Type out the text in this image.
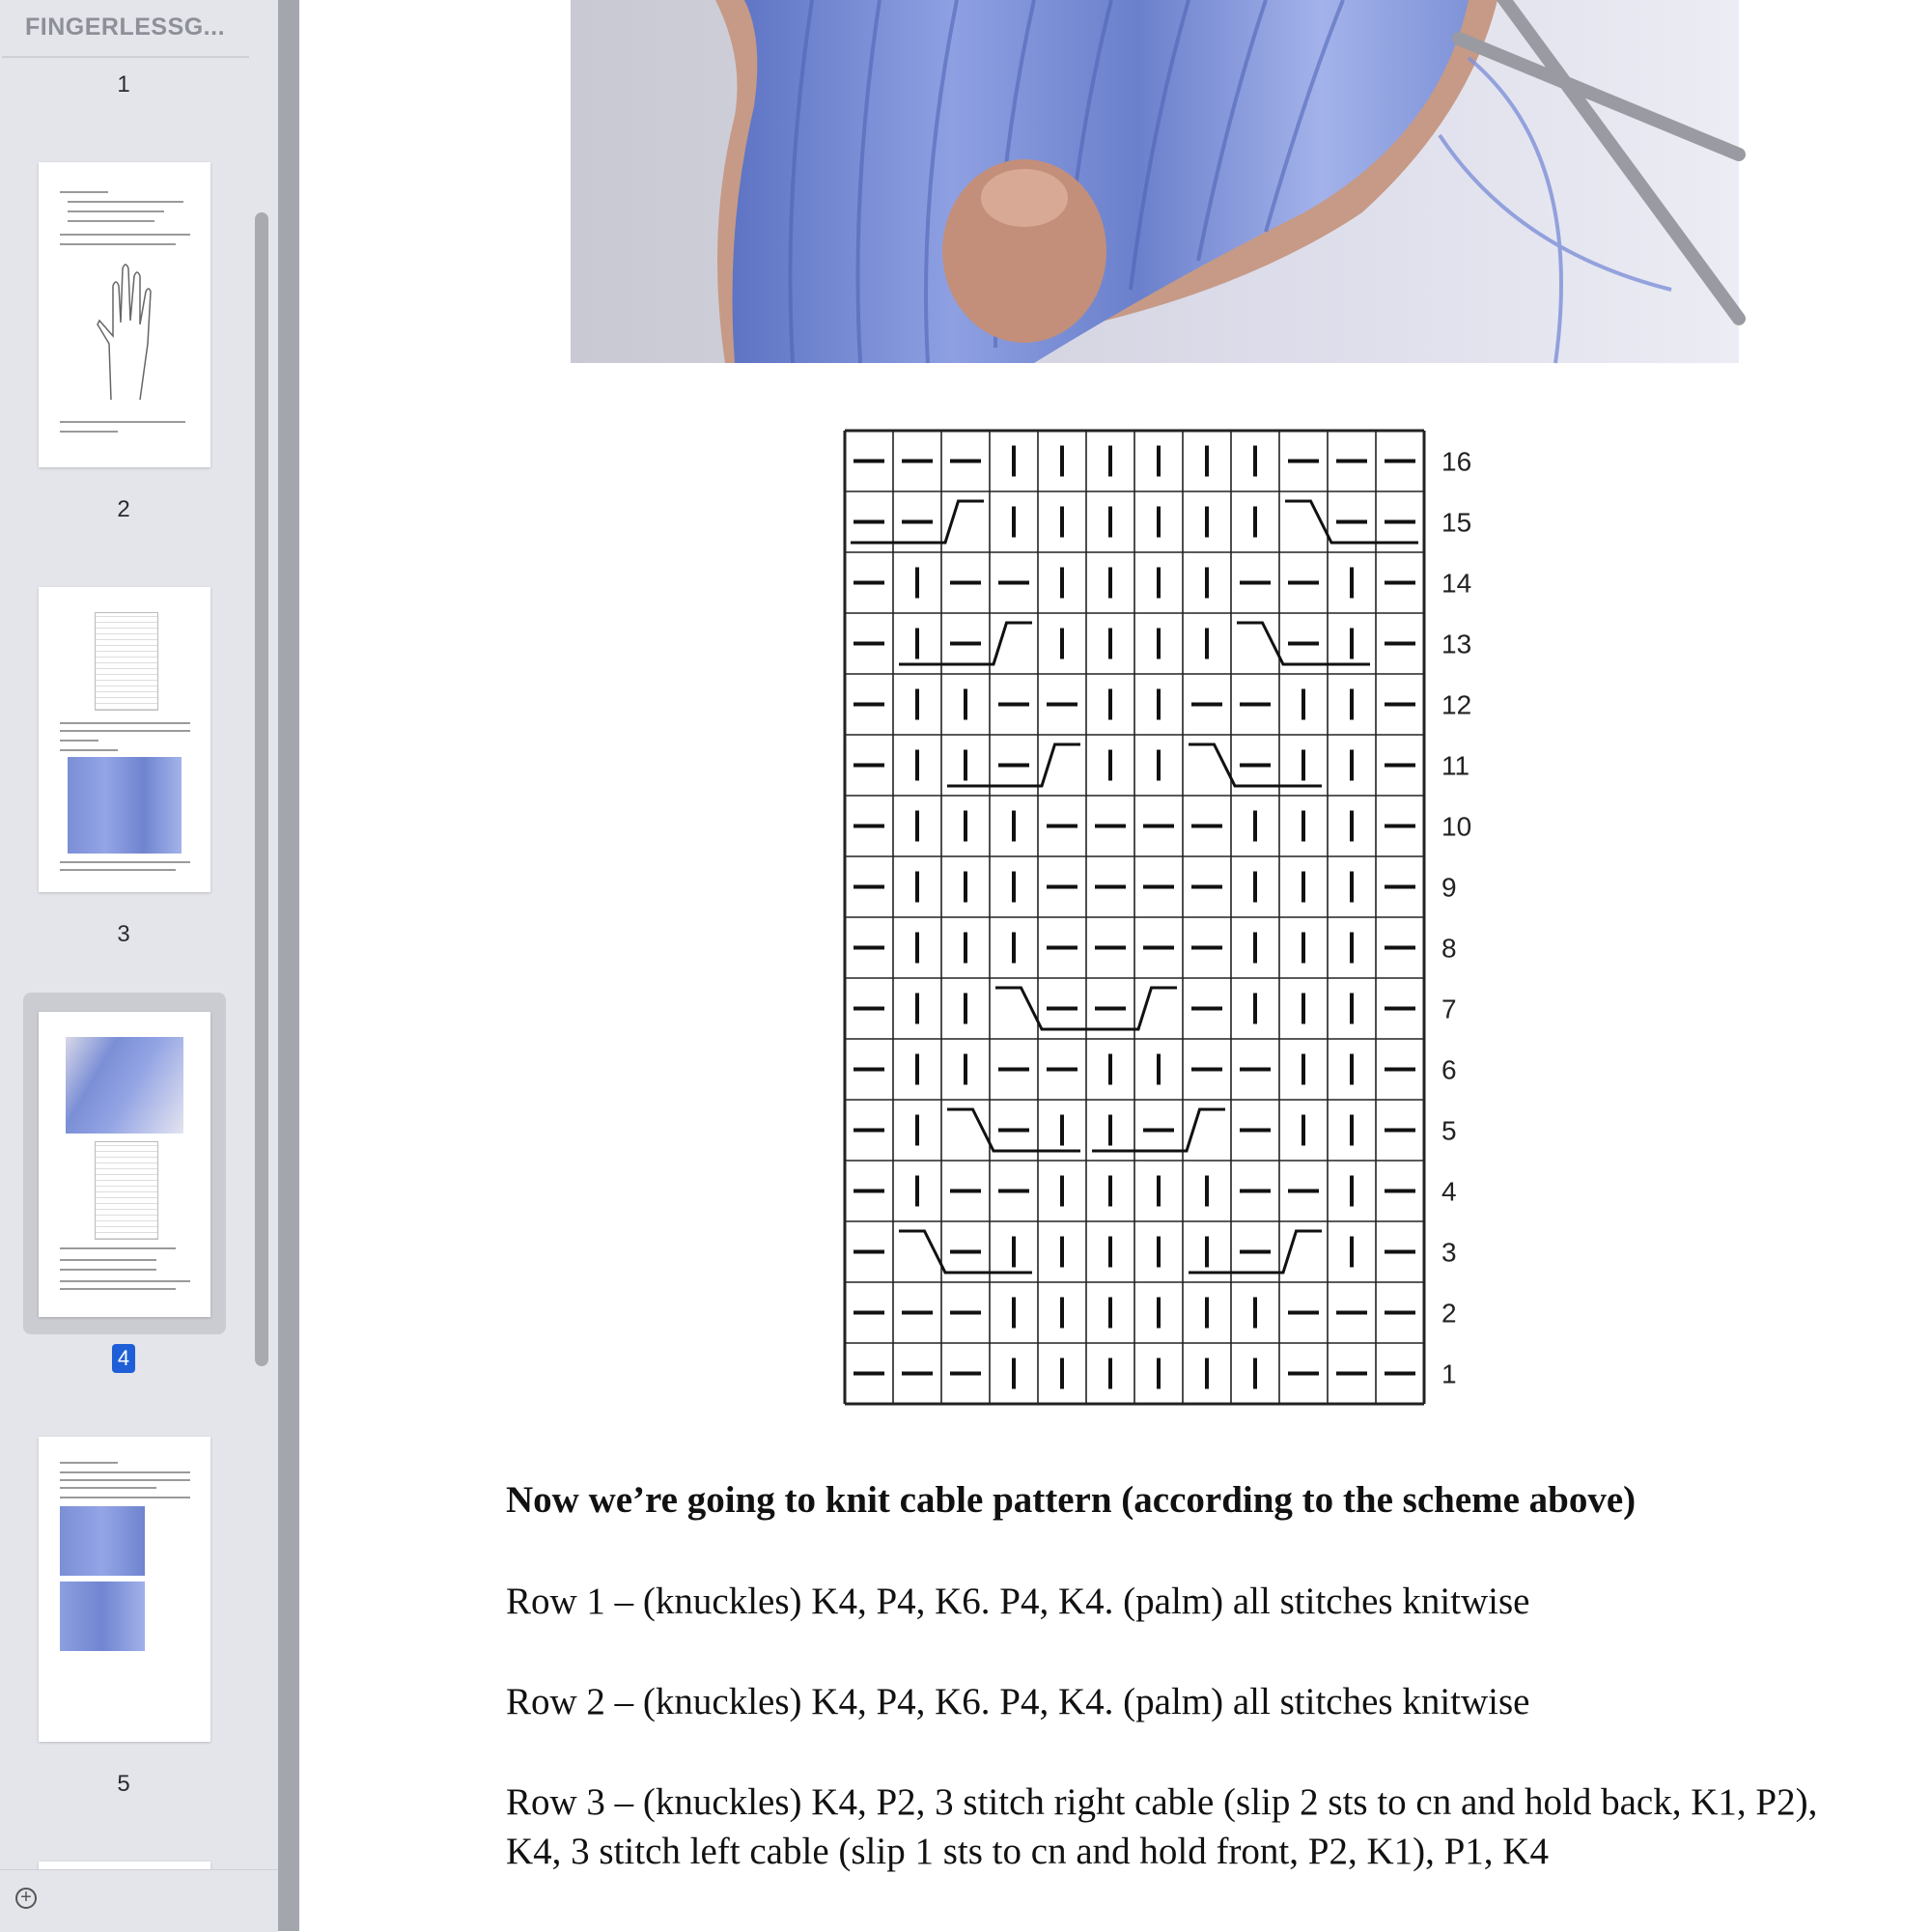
FINGERLESSG...
1
2
3
4
5
+
16
15
14
13
12
11
10
9
8
7
6
5
4
3
2
1
Now we’re going to knit cable pattern (according to the scheme above)
Row 1 – (knuckles) K4, P4, K6. P4, K4. (palm) all stitches knitwise
Row 2 – (knuckles) K4, P4, K6. P4, K4. (palm) all stitches knitwise
Row 3 – (knuckles) K4, P2, 3 stitch right cable (slip 2 sts to cn and hold back, K1, P2), K4, 3 stitch left cable (slip 1 sts to cn and hold front, P2, K1), P1, K4
